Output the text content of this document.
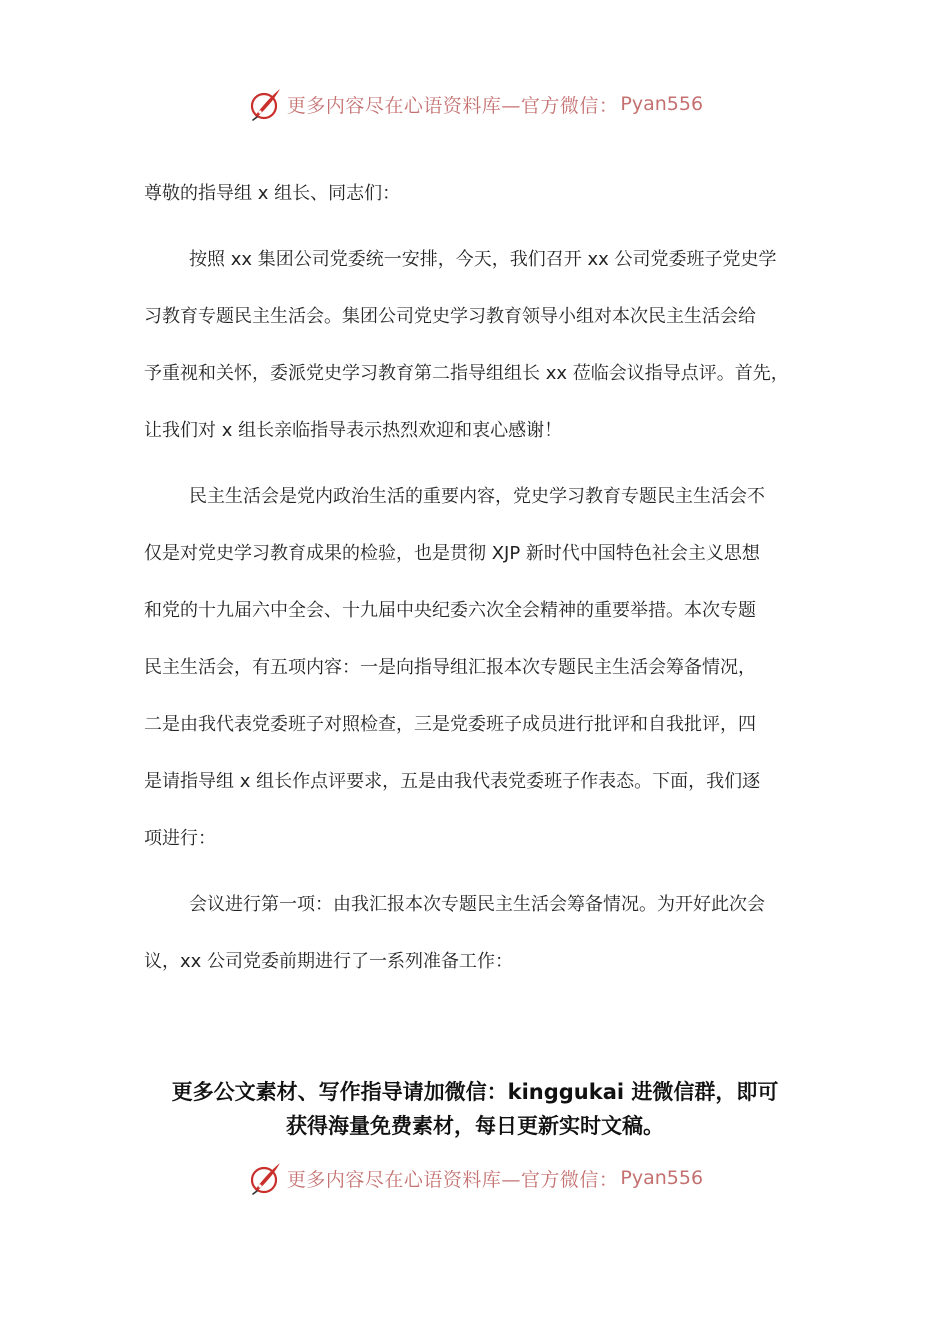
更多内容尽在心语资料库—官方微信： Pyan556
尊敬的指导组 x 组长、同志们：
按照 xx 集团公司党委统一安排，今天，我们召开 xx 公司党委班子党史学
习教育专题民主生活会。集团公司党史学习教育领导小组对本次民主生活会给
予重视和关怀，委派党史学习教育第二指导组组长 xx 莅临会议指导点评。首先，
让我们对 x 组长亲临指导表示热烈欢迎和衷心感谢！
民主生活会是党内政治生活的重要内容，党史学习教育专题民主生活会不
仅是对党史学习教育成果的检验，也是贯彻 XJP 新时代中国特色社会主义思想
和党的十九届六中全会、十九届中央纪委六次全会精神的重要举措。本次专题
民主生活会，有五项内容：一是向指导组汇报本次专题民主生活会筹备情况，
二是由我代表党委班子对照检查，三是党委班子成员进行批评和自我批评，四
是请指导组 x 组长作点评要求，五是由我代表党委班子作表态。下面，我们逐
项进行：
会议进行第一项：由我汇报本次专题民主生活会筹备情况。为开好此次会
议，xx 公司党委前期进行了一系列准备工作：
更多公文素材、写作指导请加微信：kinggukai 进微信群，即可
获得海量免费素材，每日更新实时文稿。
更多内容尽在心语资料库—官方微信： Pyan556
